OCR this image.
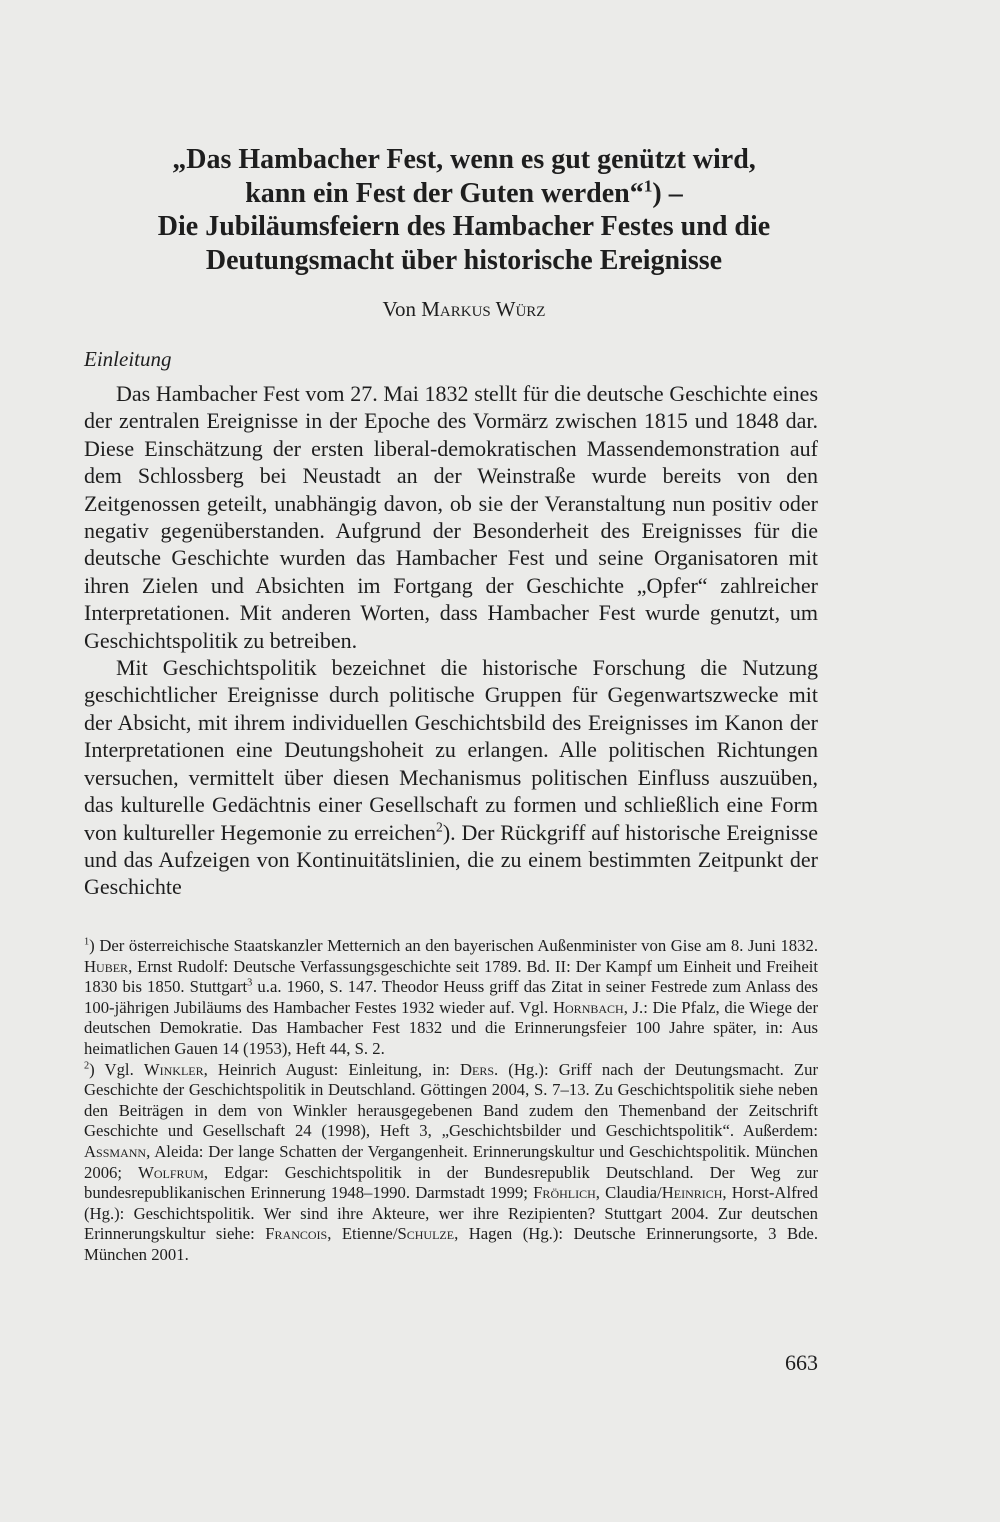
„Das Hambacher Fest, wenn es gut genützt wird,
kann ein Fest der Guten werden“$^1$) –
Die Jubiläumsfeiern des Hambacher Festes und die
Deutungsmacht über historische Ereignisse
Von Markus Würz
Einleitung

Das Hambacher Fest vom 27. Mai 1832 stellt für die deutsche Geschichte eines der zentralen Ereignisse in der Epoche des Vormärz zwischen 1815 und 1848 dar. Diese Einschätzung der ersten liberal-demokratischen Massendemonstration auf dem Schlossberg bei Neustadt an der Weinstraße wurde bereits von den Zeitgenossen geteilt, unabhängig davon, ob sie der Veranstaltung nun positiv oder negativ gegenüberstanden. Aufgrund der Besonderheit des Ereignisses für die deutsche Geschichte wurden das Hambacher Fest und seine Organisatoren mit ihren Zielen und Absichten im Fortgang der Geschichte „Opfer“ zahlreicher Interpretationen. Mit anderen Worten, dass Hambacher Fest wurde genutzt, um Geschichtspolitik zu betreiben.

Mit Geschichtspolitik bezeichnet die historische Forschung die Nutzung geschichtlicher Ereignisse durch politische Gruppen für Gegenwartszwecke mit der Absicht, mit ihrem individuellen Geschichtsbild des Ereignisses im Kanon der Interpretationen eine Deutungshoheit zu erlangen. Alle politischen Richtungen versuchen, vermittelt über diesen Mechanismus politischen Einfluss auszuüben, das kulturelle Gedächtnis einer Gesellschaft zu formen und schließlich eine Form von kultureller Hegemonie zu erreichen$^2$). Der Rückgriff auf historische Ereignisse und das Aufzeigen von Kontinuitätslinien, die zu einem bestimmten Zeitpunkt der Geschichte

$^1$) Der österreichische Staatskanzler Metternich an den bayerischen Außenminister von Gise am 8. Juni 1832. Huber, Ernst Rudolf: Deutsche Verfassungsgeschichte seit 1789. Bd. II: Der Kampf um Einheit und Freiheit 1830 bis 1850. Stuttgart$^3$ u.a. 1960, S. 147. Theodor Heuss griff das Zitat in seiner Festrede zum Anlass des 100-jährigen Jubiläums des Hambacher Festes 1932 wieder auf. Vgl. Hornbach, J.: Die Pfalz, die Wiege der deutschen Demokratie. Das Hambacher Fest 1832 und die Erinnerungsfeier 100 Jahre später, in: Aus heimatlichen Gauen 14 (1953), Heft 44, S. 2.

$^2$) Vgl. Winkler, Heinrich August: Einleitung, in: Ders. (Hg.): Griff nach der Deutungsmacht. Zur Geschichte der Geschichtspolitik in Deutschland. Göttingen 2004, S. 7–13. Zu Geschichtspolitik siehe neben den Beiträgen in dem von Winkler herausgegebenen Band zudem den Themenband der Zeitschrift Geschichte und Gesellschaft 24 (1998), Heft 3, „Geschichtsbilder und Geschichtspolitik“. Außerdem: Assmann, Aleida: Der lange Schatten der Vergangenheit. Erinnerungskultur und Geschichtspolitik. München 2006; Wolfrum, Edgar: Geschichtspolitik in der Bundesrepublik Deutschland. Der Weg zur bundesrepublikanischen Erinnerung 1948–1990. Darmstadt 1999; Fröhlich, Claudia/Heinrich, Horst-Alfred (Hg.): Geschichtspolitik. Wer sind ihre Akteure, wer ihre Rezipienten? Stuttgart 2004. Zur deutschen Erinnerungskultur siehe: Francois, Etienne/Schulze, Hagen (Hg.): Deutsche Erinnerungsorte, 3 Bde. München 2001.

663
